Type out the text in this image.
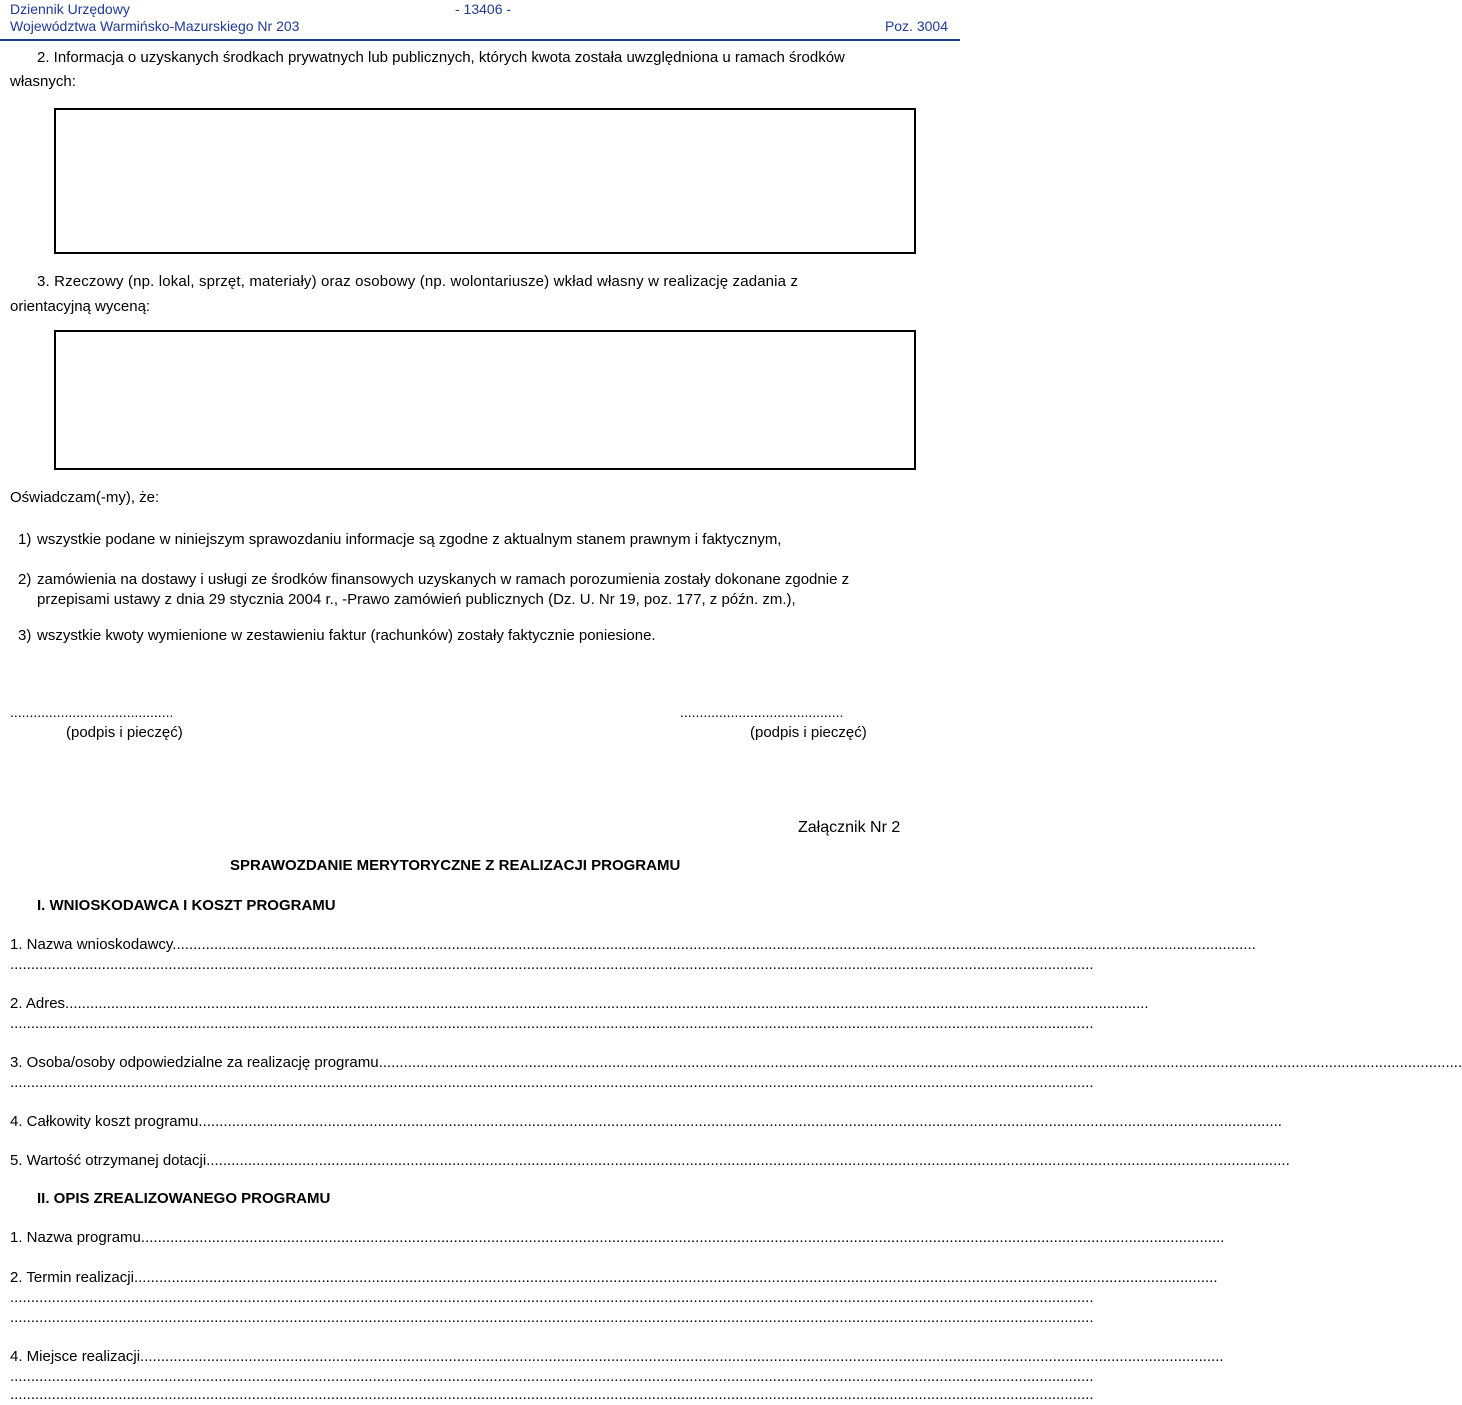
Dziennik Urzędowy	- 13406 -
Województwa Warmińsko-Mazurskiego Nr 203	Poz. 3004
2. Informacja o uzyskanych środkach prywatnych lub publicznych, których kwota została uwzględniona u ramach środków
własnych:
3. Rzeczowy (np. lokal, sprzęt, materiały) oraz osobowy (np. wolontariusze) wkład własny w realizację zadania z
orientacyjną wyceną:
Oświadczam(-my), że:
1) wszystkie podane w niniejszym sprawozdaniu informacje są zgodne z aktualnym stanem prawnym i faktycznym,
2) zamówienia na dostawy i usługi ze środków finansowych uzyskanych w ramach porozumienia zostały dokonane zgodnie z
przepisami ustawy z dnia 29 stycznia 2004 r., -Prawo zamówień publicznych (Dz. U. Nr 19, poz. 177, z późn. zm.),
3) wszystkie kwoty wymienione w zestawieniu faktur (rachunków) zostały faktycznie poniesione.
..........................................
(podpis i pieczęć)
..........................................
(podpis i pieczęć)
Załącznik Nr 2
SPRAWOZDANIE MERYTORYCZNE Z REALIZACJI PROGRAMU
I. WNIOSKODAWCA I KOSZT PROGRAMU
1. Nazwa wnioskodawcy....................................................................................................................................................................................................................................................................
....................................................................................................................................................................................................................................................................
2. Adres....................................................................................................................................................................................................................................................................
....................................................................................................................................................................................................................................................................
3. Osoba/osoby odpowiedzialne za realizację programu....................................................................................................................................................................................................................................................................
....................................................................................................................................................................................................................................................................
4. Całkowity koszt programu....................................................................................................................................................................................................................................................................
5. Wartość otrzymanej dotacji....................................................................................................................................................................................................................................................................
II. OPIS ZREALIZOWANEGO PROGRAMU
1. Nazwa programu....................................................................................................................................................................................................................................................................
2. Termin realizacji....................................................................................................................................................................................................................................................................
....................................................................................................................................................................................................................................................................
....................................................................................................................................................................................................................................................................
4. Miejsce realizacji....................................................................................................................................................................................................................................................................
....................................................................................................................................................................................................................................................................
....................................................................................................................................................................................................................................................................
